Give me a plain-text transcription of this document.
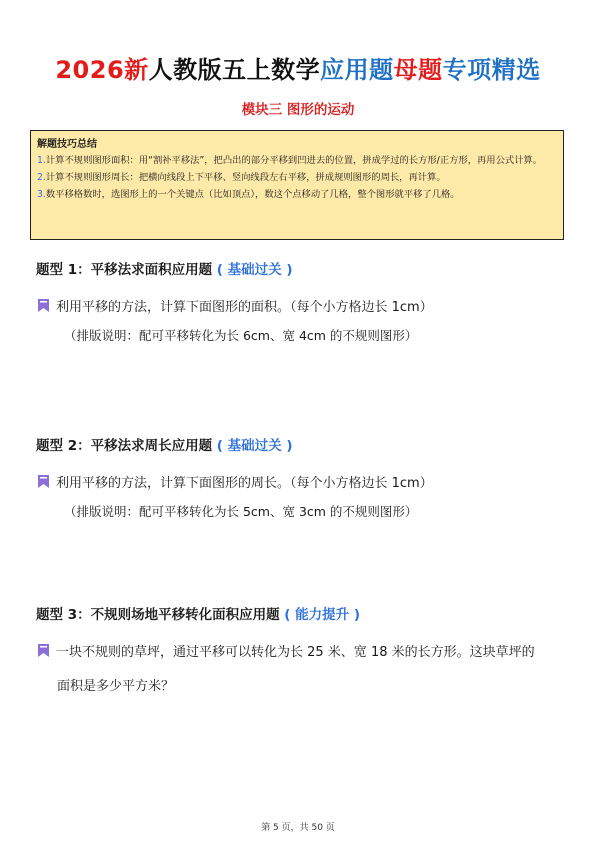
2026新人教版五上数学应用题母题专项精选
模块三 图形的运动
解题技巧总结

1.计算不规则图形面积：用“割补平移法”，把凸出的部分平移到凹进去的位置，拼成学过的长方形/正方形，再用公式计算。

2.计算不规则图形周长：把横向线段上下平移、竖向线段左右平移，拼成规则图形的周长，再计算。

3.数平移格数时，选图形上的一个关键点（比如顶点），数这个点移动了几格，整个图形就平移了几格。

题型 1：平移法求面积应用题 ( 基础过关 )
利用平移的方法，计算下面图形的面积。（每个小方格边长 1cm）
（排版说明：配可平移转化为长 6cm、宽 4cm 的不规则图形）
题型 2：平移法求周长应用题 ( 基础过关 )
利用平移的方法，计算下面图形的周长。（每个小方格边长 1cm）
（排版说明：配可平移转化为长 5cm、宽 3cm 的不规则图形）
题型 3：不规则场地平移转化面积应用题 ( 能力提升 )
一块不规则的草坪，通过平移可以转化为长 25 米、宽 18 米的长方形。这块草坪的
面积是多少平方米？
第 5 页，共 50 页
